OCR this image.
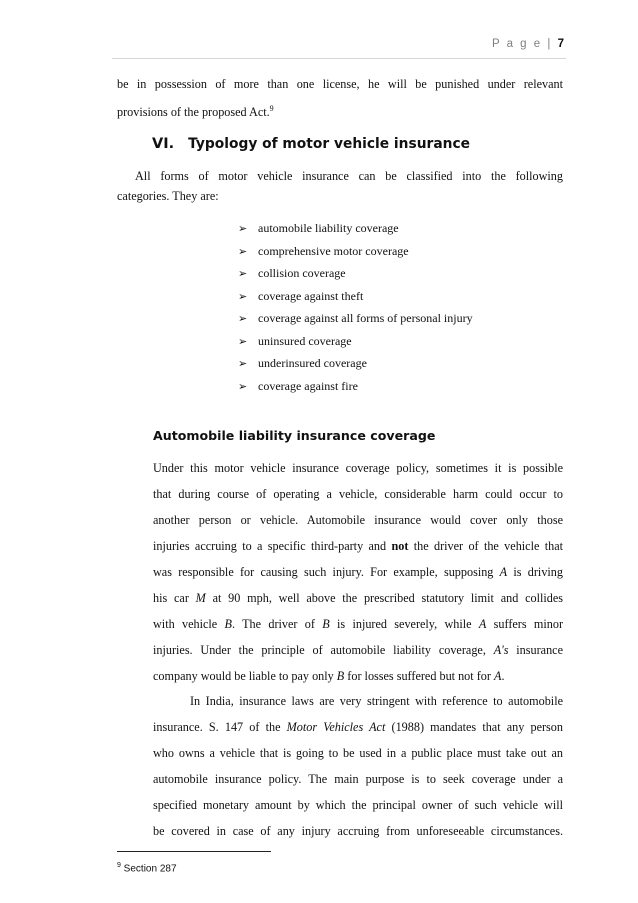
P a g e | 7
be in possession of more than one license, he will be punished under relevant
provisions of the proposed Act.$^9$
VI. Typology of motor vehicle insurance
All forms of motor vehicle insurance can be classified into the following
categories. They are:
➢ automobile liability coverage
➢ comprehensive motor coverage
➢ collision coverage
➢ coverage against theft
➢ coverage against all forms of personal injury
➢ uninsured coverage
➢ underinsured coverage
➢ coverage against fire
Automobile liability insurance coverage
Under this motor vehicle insurance coverage policy, sometimes it is possible
that during course of operating a vehicle, considerable harm could occur to
another person or vehicle. Automobile insurance would cover only those
injuries accruing to a specific third-party and not the driver of the vehicle that
was responsible for causing such injury. For example, supposing A is driving
his car M at 90 mph, well above the prescribed statutory limit and collides
with vehicle B. The driver of B is injured severely, while A suffers minor
injuries. Under the principle of automobile liability coverage, A's insurance
company would be liable to pay only B for losses suffered but not for A.
In India, insurance laws are very stringent with reference to automobile
insurance. S. 147 of the Motor Vehicles Act (1988) mandates that any person
who owns a vehicle that is going to be used in a public place must take out an
automobile insurance policy. The main purpose is to seek coverage under a
specified monetary amount by which the principal owner of such vehicle will
be covered in case of any injury accruing from unforeseeable circumstances.
$^9$ Section 287
